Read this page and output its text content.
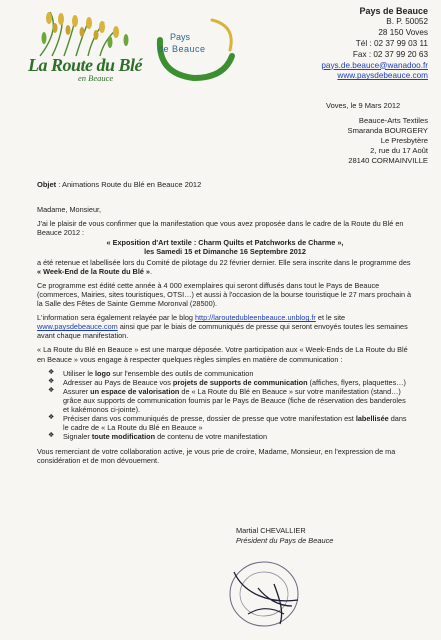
La Route du Blé
en Beauce
Pays
de Beauce
Pays de Beauce
B. P. 50052
28 150 Voves
Tél : 02 37 99 03 11
Fax : 02 37 99 20 63
pays.de.beauce@wanadoo.fr
www.paysdebeauce.com
Voves, le 9 Mars 2012
Beauce-Arts Textiles
Smaranda BOURGERY
Le Presbytère
2, rue du 17 Août
28140 CORMAINVILLE
Objet : Animations Route du Blé en Beauce 2012

Madame, Monsieur,

J'ai le plaisir de vous confirmer que la manifestation que vous avez proposée dans le cadre de la Route du Blé en Beauce 2012 :

« Exposition d'Art textile : Charm Quilts et Patchworks de Charme »,
les Samedi 15 et Dimanche 16 Septembre 2012

a été retenue et labellisée lors du Comité de pilotage du 22 février dernier. Elle sera inscrite dans le programme des « Week-End de la Route du Blé ».

Ce programme est édité cette année à 4 000 exemplaires qui seront diffusés dans tout le Pays de Beauce (commerces, Mairies, sites touristiques, OTSI…) et aussi à l'occasion de la bourse touristique le 27 mars prochain à la Salle des Fêtes de Sainte Gemme Moronval (28500).

L'information sera également relayée par le blog http://laroutedubleenbeauce.unblog.fr et le site www.paysdebeauce.com ainsi que par le biais de communiqués de presse qui seront envoyés toutes les semaines avant chaque manifestation.

« La Route du Blé en Beauce » est une marque déposée. Votre participation aux « Week-Ends de La Route du Blé en Beauce » vous engage à respecter quelques règles simples en matière de communication :

❖ Utiliser le logo sur l'ensemble des outils de communication
❖ Adresser au Pays de Beauce vos projets de supports de communication (affiches, flyers, plaquettes…)
❖ Assurer un espace de valorisation de « La Route du Blé en Beauce » sur votre manifestation (stand…) grâce aux supports de communication fournis par le Pays de Beauce (fiche de réservation des banderoles et kakémonos ci-jointe).
❖ Préciser dans vos communiqués de presse, dossier de presse que votre manifestation est labellisée dans le cadre de « La Route du Blé en Beauce »
❖ Signaler toute modification de contenu de votre manifestation

Vous remerciant de votre collaboration active, je vous prie de croire, Madame, Monsieur, en l'expression de ma considération et de mon dévouement.

Martial CHEVALLIER
Président du Pays de Beauce
